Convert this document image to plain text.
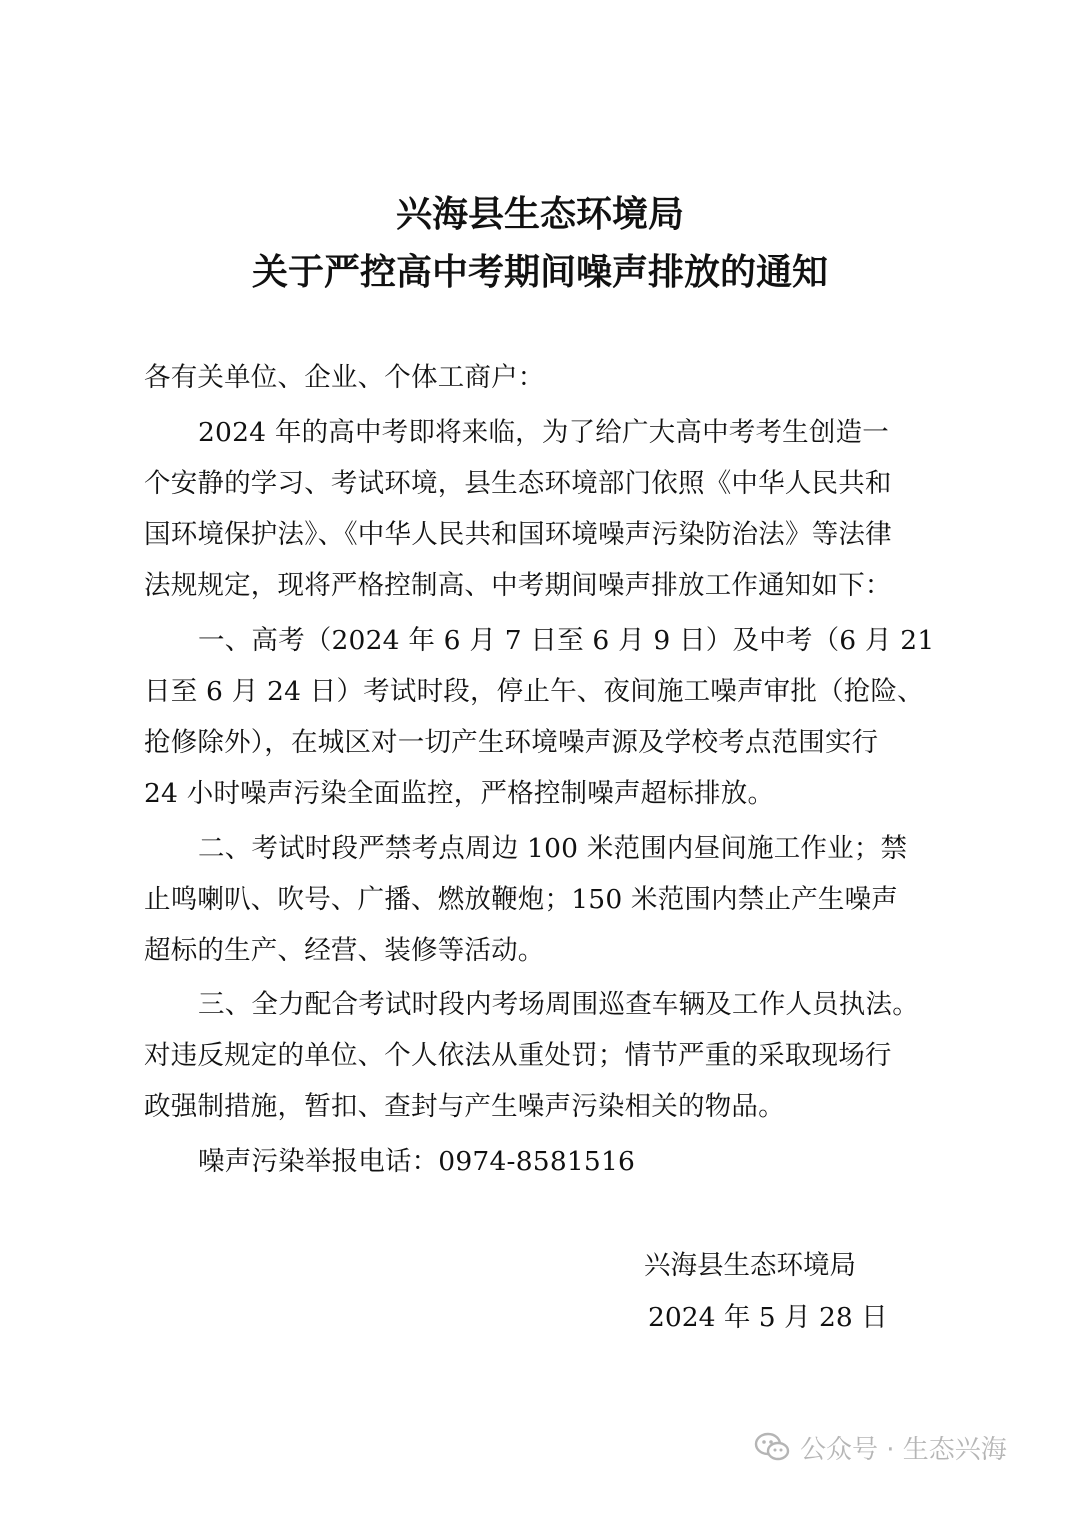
兴海县生态环境局
关于严控高中考期间噪声排放的通知
各有关单位、企业、个体工商户：
2024 年的高中考即将来临，为了给广大高中考考生创造一
个安静的学习、考试环境，县生态环境部门依照《中华人民共和
国环境保护法》、《中华人民共和国环境噪声污染防治法》等法律
法规规定，现将严格控制高、中考期间噪声排放工作通知如下：
一、高考（2024 年 6 月 7 日至 6 月 9 日）及中考（6 月 21
日至 6 月 24 日）考试时段，停止午、夜间施工噪声审批（抢险、
抢修除外），在城区对一切产生环境噪声源及学校考点范围实行
24 小时噪声污染全面监控，严格控制噪声超标排放。
二、考试时段严禁考点周边 100 米范围内昼间施工作业；禁
止鸣喇叭、吹号、广播、燃放鞭炮；150 米范围内禁止产生噪声
超标的生产、经营、装修等活动。
三、全力配合考试时段内考场周围巡查车辆及工作人员执法。
对违反规定的单位、个人依法从重处罚；情节严重的采取现场行
政强制措施，暂扣、查封与产生噪声污染相关的物品。
噪声污染举报电话：0974-8581516
兴海县生态环境局
2024 年 5 月 28 日
公众号 · 生态兴海
